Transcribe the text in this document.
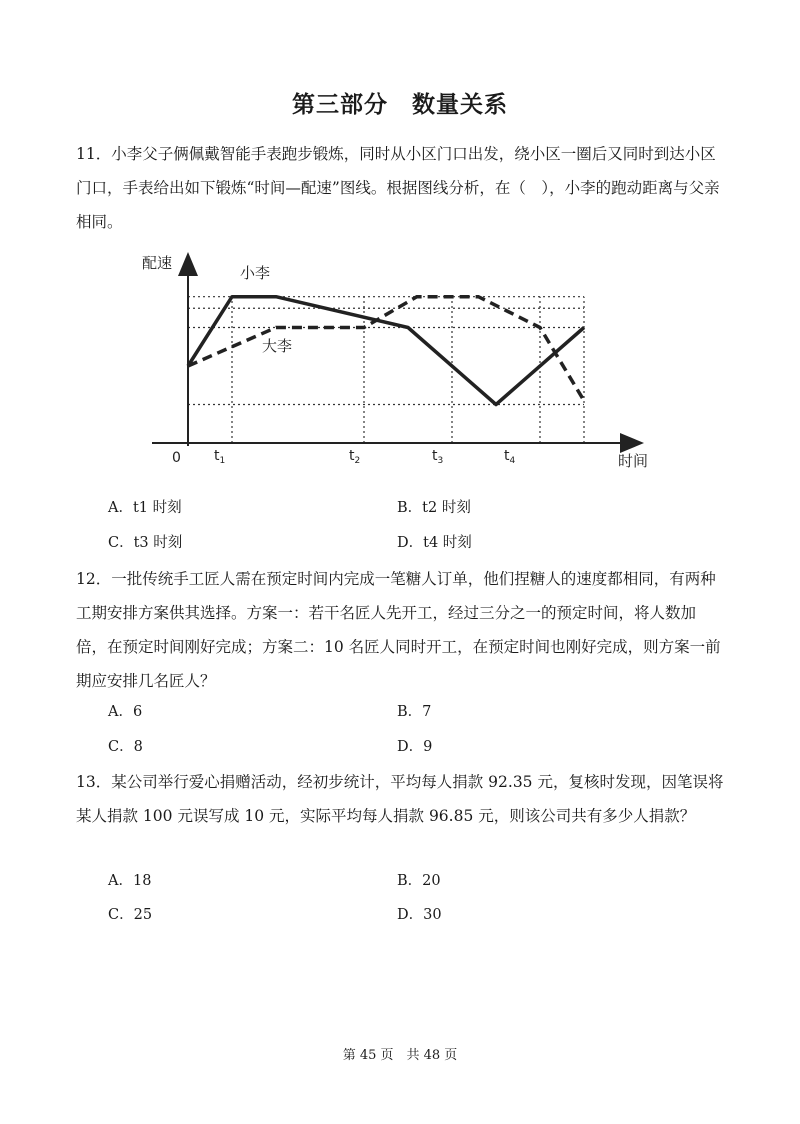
第三部分　数量关系
11．小李父子俩佩戴智能手表跑步锻炼，同时从小区门口出发，绕小区一圈后又同时到达小区门口，手表给出如下锻炼“时间—配速”图线。根据图线分析，在（　），小李的跑动距离与父亲相同。
配速
时间
0 $t_1$	$t_2$	$t_3$	$t_4$
小李
大李
A．t1 时刻	B．t2 时刻
C．t3 时刻	D．t4 时刻
12．一批传统手工匠人需在预定时间内完成一笔糖人订单，他们捏糖人的速度都相同，有两种工期安排方案供其选择。方案一：若干名匠人先开工，经过三分之一的预定时间，将人数加倍，在预定时间刚好完成；方案二：10 名匠人同时开工，在预定时间也刚好完成，则方案一前期应安排几名匠人？
A．6	B．7
C．8	D．9
13．某公司举行爱心捐赠活动，经初步统计，平均每人捐款 92.35 元，复核时发现，因笔误将某人捐款 100 元误写成 10 元，实际平均每人捐款 96.85 元，则该公司共有多少人捐款？
A．18	B．20
C．25	D．30
第 45 页　共 48 页
